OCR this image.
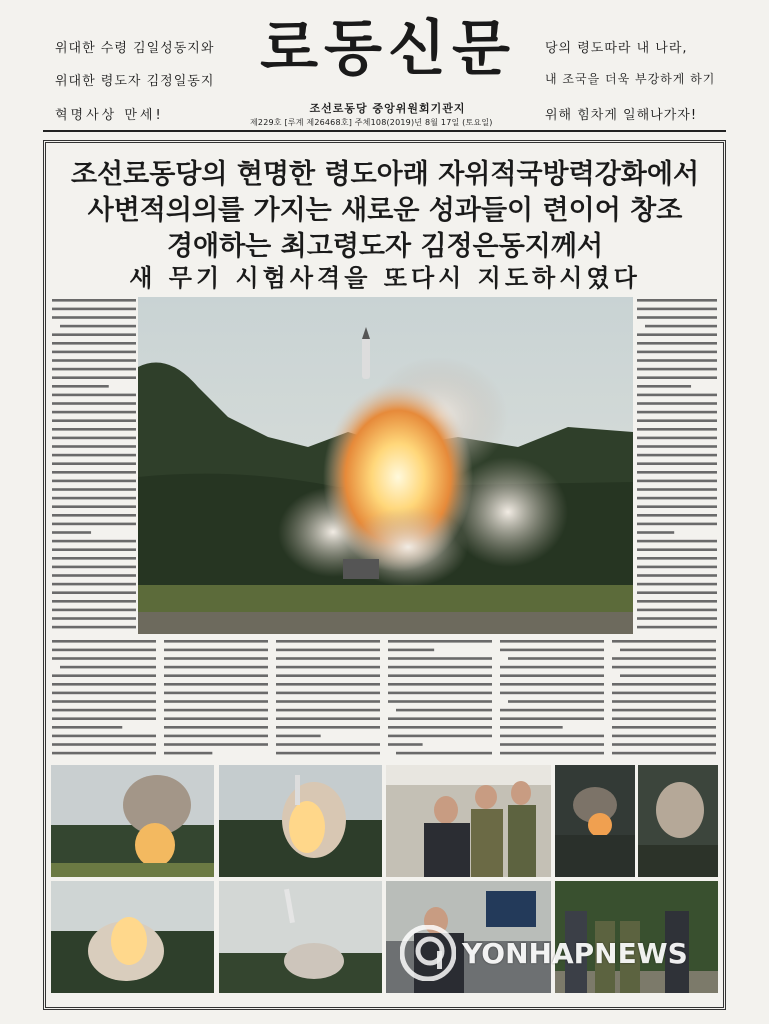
위대한 수령 김일성동지와
위대한 령도자 김정일동지
혁명사상 만세!
당의 령도따라 내 나라,
내 조국을 더욱 부강하게 하기
위해 힘차게 일해나가자!
로동신문
조선로동당 중앙위원회기관지
제229호 [루계 제26468호] 주체108(2019)년 8월 17일 (토요일)
조선로동당의 현명한 령도아래 자위적국방력강화에서
사변적의의를 가지는 새로운 성과들이 련이어 창조
경애하는 최고령도자 김정은동지께서
새 무기 시험사격을 또다시 지도하시였다
YONHAPNEWS
